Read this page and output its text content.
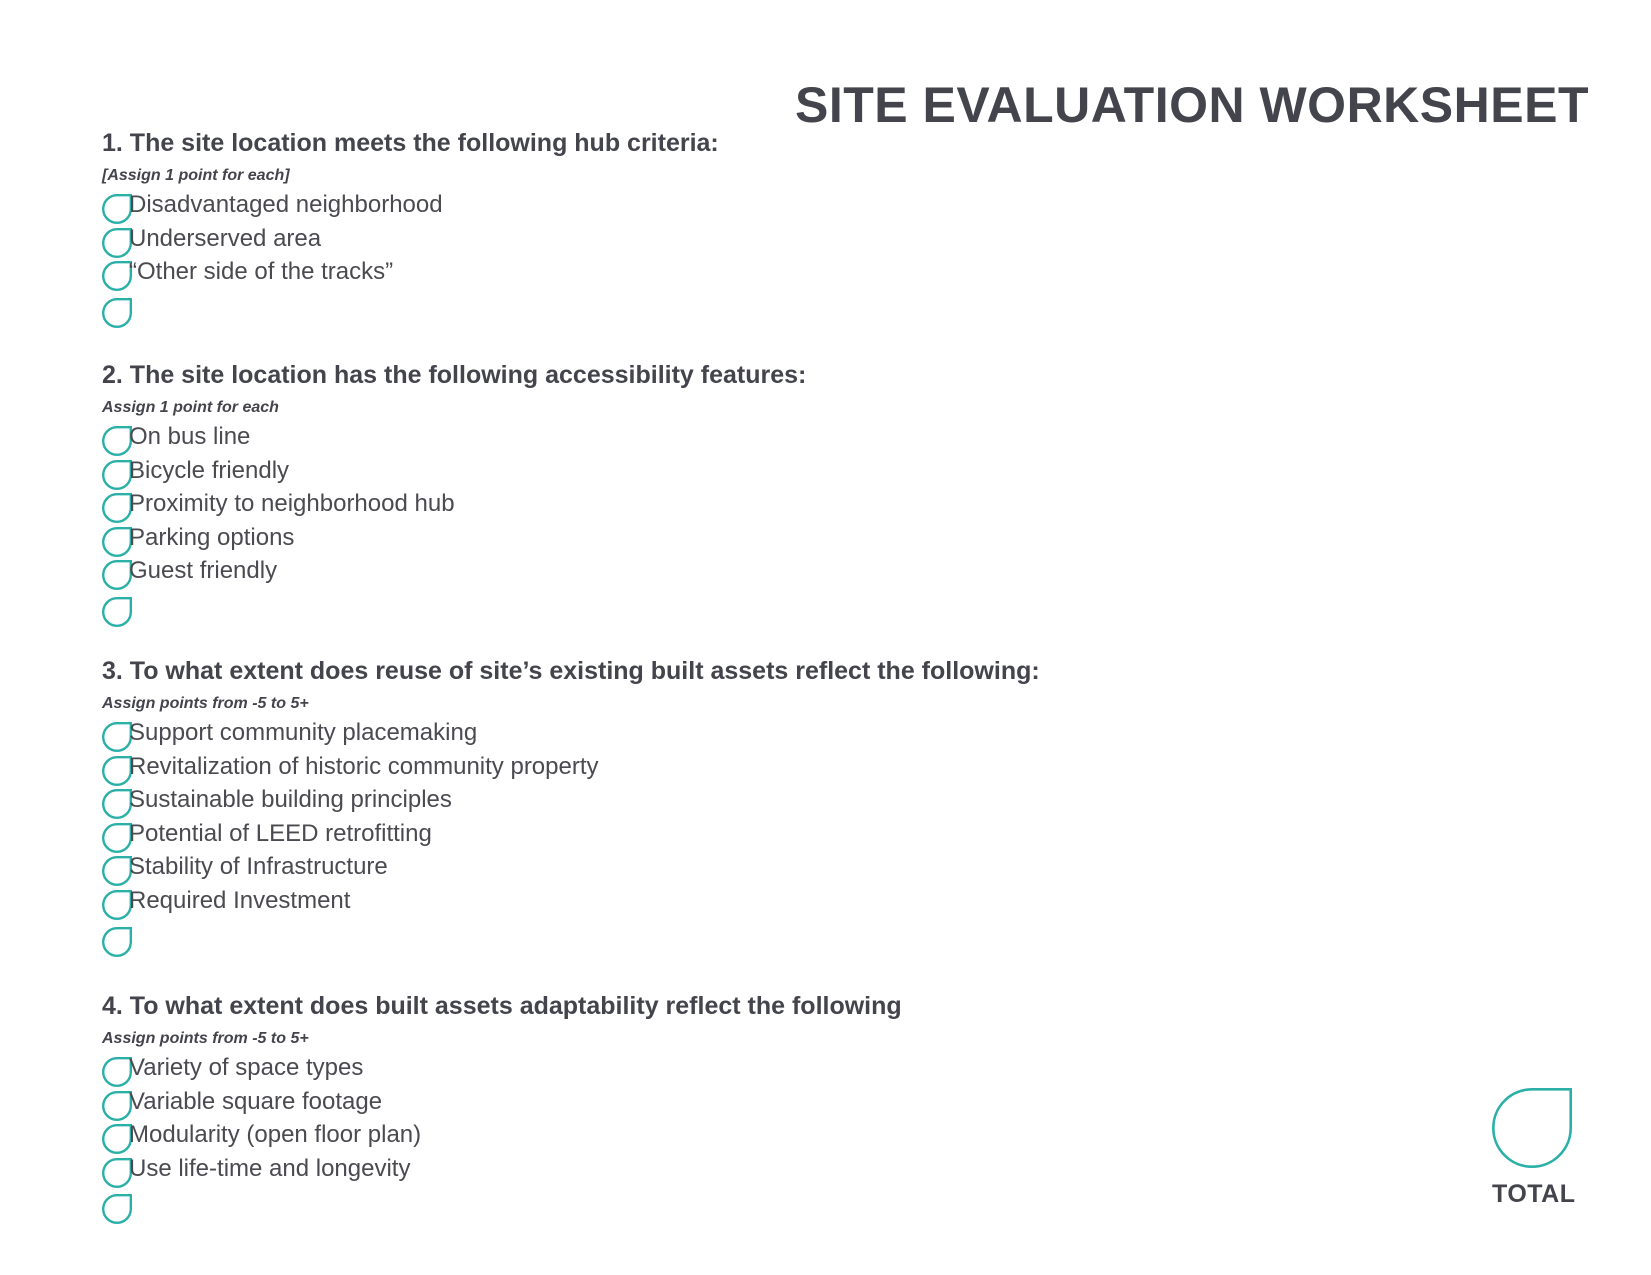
SITE EVALUATION WORKSHEET
1. The site location meets the following hub criteria:

[Assign 1 point for each]

Disadvantaged neighborhood
Underserved area
“Other side of the tracks”
2. The site location has the following accessibility features:

Assign 1 point for each

On bus line
Bicycle friendly
Proximity to neighborhood hub
Parking options
Guest friendly
3. To what extent does reuse of site’s existing built assets reflect the following:

Assign points from -5 to 5+

Support community placemaking
Revitalization of historic community property
Sustainable building principles
Potential of LEED retrofitting
Stability of Infrastructure
Required Investment
4. To what extent does built assets adaptability reflect the following

Assign points from -5 to 5+

Variety of space types
Variable square footage
Modularity (open floor plan)
Use life-time and longevity
TOTAL
